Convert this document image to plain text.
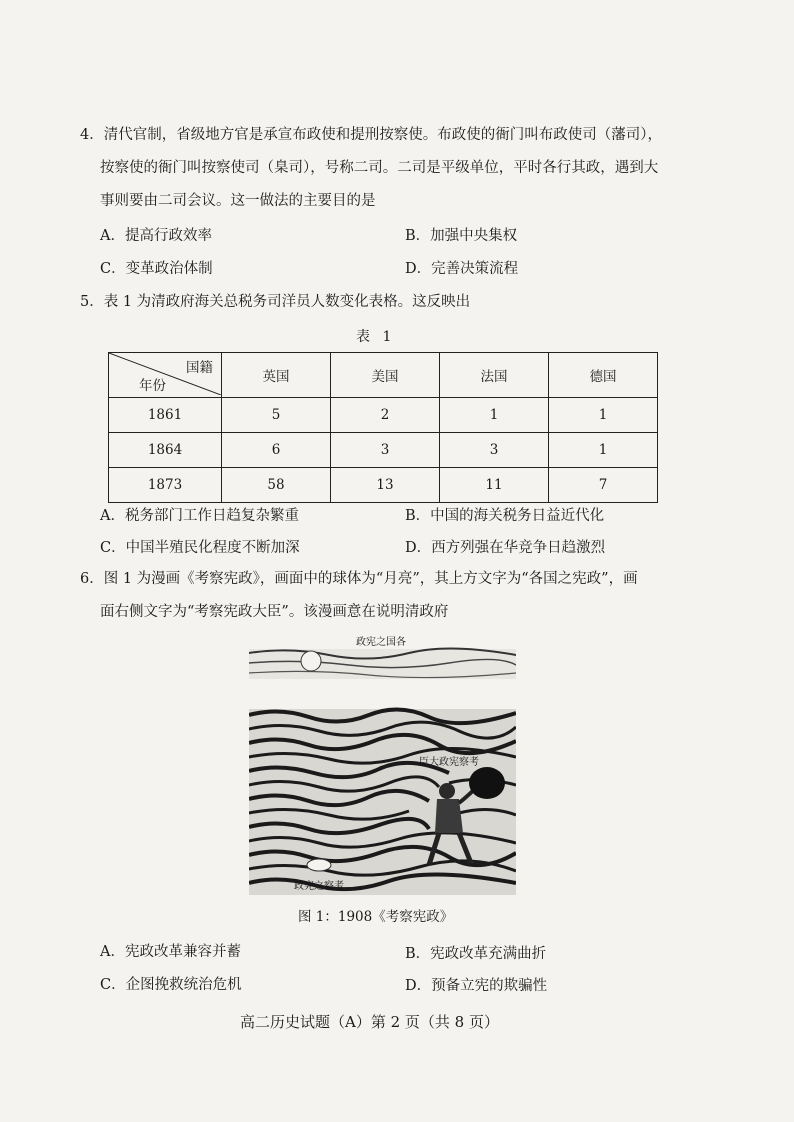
4．清代官制，省级地方官是承宣布政使和提刑按察使。布政使的衙门叫布政使司（藩司），
按察使的衙门叫按察使司（臬司），号称二司。二司是平级单位，平时各行其政，遇到大
事则要由二司会议。这一做法的主要目的是
A．提高行政效率	B．加强中央集权
C．变革政治体制	D．完善决策流程
5．表 1 为清政府海关总税务司洋员人数变化表格。这反映出
表 1
国籍
年份	英国	美国	法国	德国
1861	5	2	1	1
1864	6	3	3	1
1873	58	13	11	7
A．税务部门工作日趋复杂繁重	B．中国的海关税务日益近代化
C．中国半殖民化程度不断加深	D．西方列强在华竞争日趋激烈
6．图 1 为漫画《考察宪政》，画面中的球体为“月亮”，其上方文字为“各国之宪政”，画
面右侧文字为“考察宪政大臣”。该漫画意在说明清政府
政宪之国各
臣大政宪察考
政宪之察考
图 1：1908《考察宪政》
A．宪政改革兼容并蓄	B．宪政改革充满曲折
C．企图挽救统治危机	D．预备立宪的欺骗性
高二历史试题（A）第 2 页（共 8 页）
